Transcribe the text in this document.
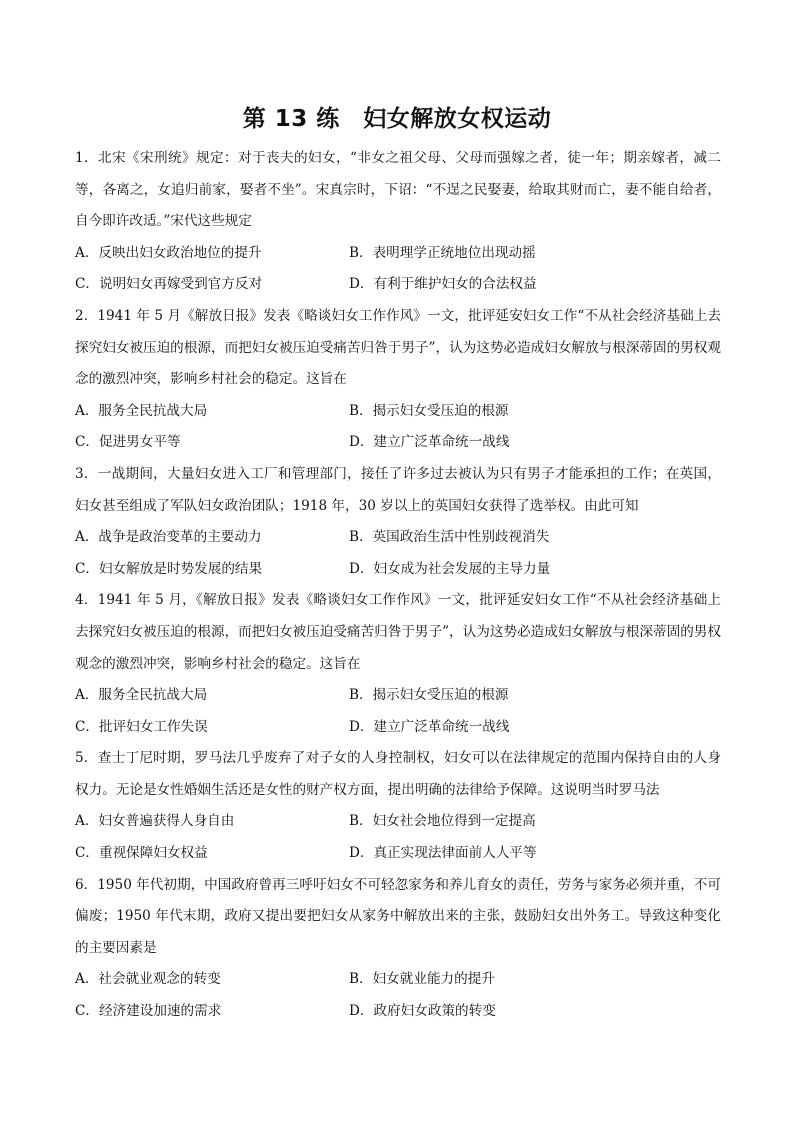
第 13 练　妇女解放女权运动

1．北宋《宋刑统》规定：对于丧夫的妇女，“非女之祖父母、父母而强嫁之者，徒一年；期亲嫁者，减二等，各离之，女追归前家，娶者不坐”。宋真宗时，下诏：“不逞之民娶妻，给取其财而亡，妻不能自给者，自今即许改适。”宋代这些规定

A．反映出妇女政治地位的提升	B．表明理学正统地位出现动摇
C．说明妇女再嫁受到官方反对	D．有利于维护妇女的合法权益

2．1941 年 5 月《解放日报》发表《略谈妇女工作作风》一文，批评延安妇女工作“不从社会经济基础上去探究妇女被压迫的根源，而把妇女被压迫受痛苦归咎于男子”，认为这势必造成妇女解放与根深蒂固的男权观念的激烈冲突，影响乡村社会的稳定。这旨在

A．服务全民抗战大局	B．揭示妇女受压迫的根源
C．促进男女平等	D．建立广泛革命统一战线

3．一战期间，大量妇女进入工厂和管理部门，接任了许多过去被认为只有男子才能承担的工作；在英国，妇女甚至组成了军队妇女政治团队；1918 年，30 岁以上的英国妇女获得了选举权。由此可知

A．战争是政治变革的主要动力	B．英国政治生活中性别歧视消失
C．妇女解放是时势发展的结果	D．妇女成为社会发展的主导力量

4．1941 年 5 月，《解放日报》发表《略谈妇女工作作风》一文，批评延安妇女工作“不从社会经济基础上去探究妇女被压迫的根源，而把妇女被压迫受痛苦归咎于男子”，认为这势必造成妇女解放与根深蒂固的男权观念的激烈冲突，影响乡村社会的稳定。这旨在

A．服务全民抗战大局	B．揭示妇女受压迫的根源
C．批评妇女工作失误	D．建立广泛革命统一战线

5．查士丁尼时期，罗马法几乎废弃了对子女的人身控制权，妇女可以在法律规定的范围内保持自由的人身权力。无论是女性婚姻生活还是女性的财产权方面，提出明确的法律给予保障。这说明当时罗马法

A．妇女普遍获得人身自由	B．妇女社会地位得到一定提高
C．重视保障妇女权益	D．真正实现法律面前人人平等

6．1950 年代初期，中国政府曾再三呼吁妇女不可轻忽家务和养儿育女的责任，劳务与家务必须并重，不可偏废；1950 年代末期，政府又提出要把妇女从家务中解放出来的主张，鼓励妇女出外务工。导致这种变化的主要因素是

A．社会就业观念的转变	B．妇女就业能力的提升
C．经济建设加速的需求	D．政府妇女政策的转变
